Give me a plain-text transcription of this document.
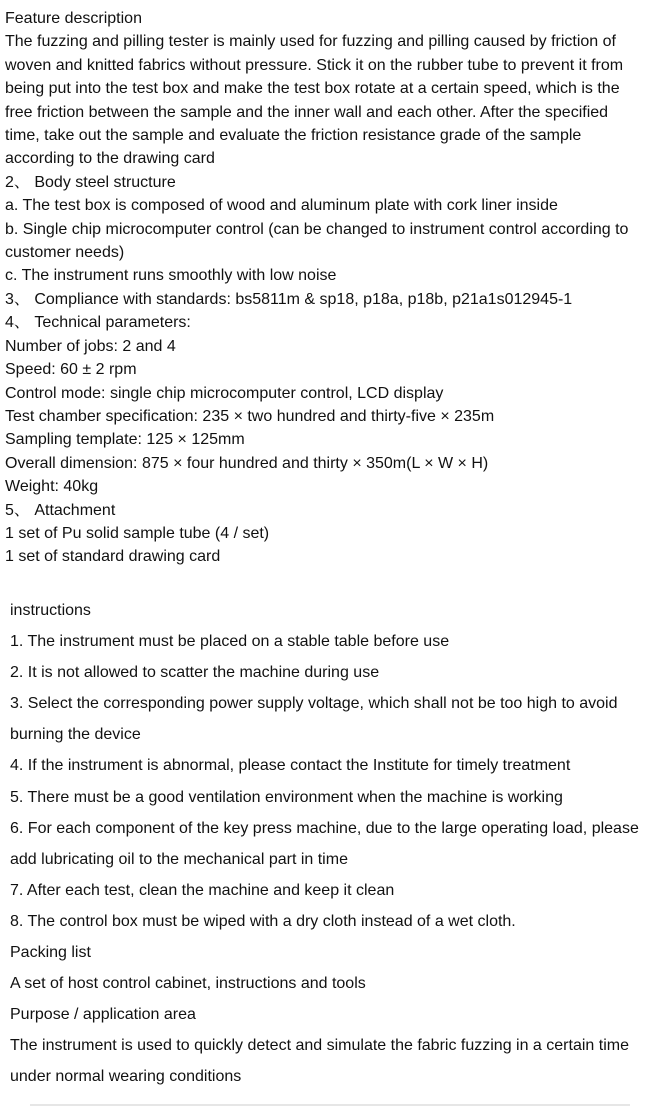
Feature description
The fuzzing and pilling tester is mainly used for fuzzing and pilling caused by friction of woven and knitted fabrics without pressure. Stick it on the rubber tube to prevent it from being put into the test box and make the test box rotate at a certain speed, which is the free friction between the sample and the inner wall and each other. After the specified time, take out the sample and evaluate the friction resistance grade of the sample according to the drawing card
2、 Body steel structure
a. The test box is composed of wood and aluminum plate with cork liner inside
b. Single chip microcomputer control (can be changed to instrument control according to customer needs)
c. The instrument runs smoothly with low noise
3、 Compliance with standards: bs5811m & sp18, p18a, p18b, p21a1s012945-1
4、 Technical parameters:
Number of jobs: 2 and 4
Speed: 60 ± 2 rpm
Control mode: single chip microcomputer control, LCD display
Test chamber specification: 235 × two hundred and thirty-five × 235m
Sampling template: 125 × 125mm
Overall dimension: 875 × four hundred and thirty × 350m(L × W × H)
Weight: 40kg
5、 Attachment
1 set of Pu solid sample tube (4 / set)
1 set of standard drawing card
instructions
1. The instrument must be placed on a stable table before use
2. It is not allowed to scatter the machine during use
3. Select the corresponding power supply voltage, which shall not be too high to avoid burning the device
4. If the instrument is abnormal, please contact the Institute for timely treatment
5. There must be a good ventilation environment when the machine is working
6. For each component of the key press machine, due to the large operating load, please add lubricating oil to the mechanical part in time
7. After each test, clean the machine and keep it clean
8. The control box must be wiped with a dry cloth instead of a wet cloth.
Packing list
A set of host control cabinet, instructions and tools
Purpose / application area
The instrument is used to quickly detect and simulate the fabric fuzzing in a certain time under normal wearing conditions
